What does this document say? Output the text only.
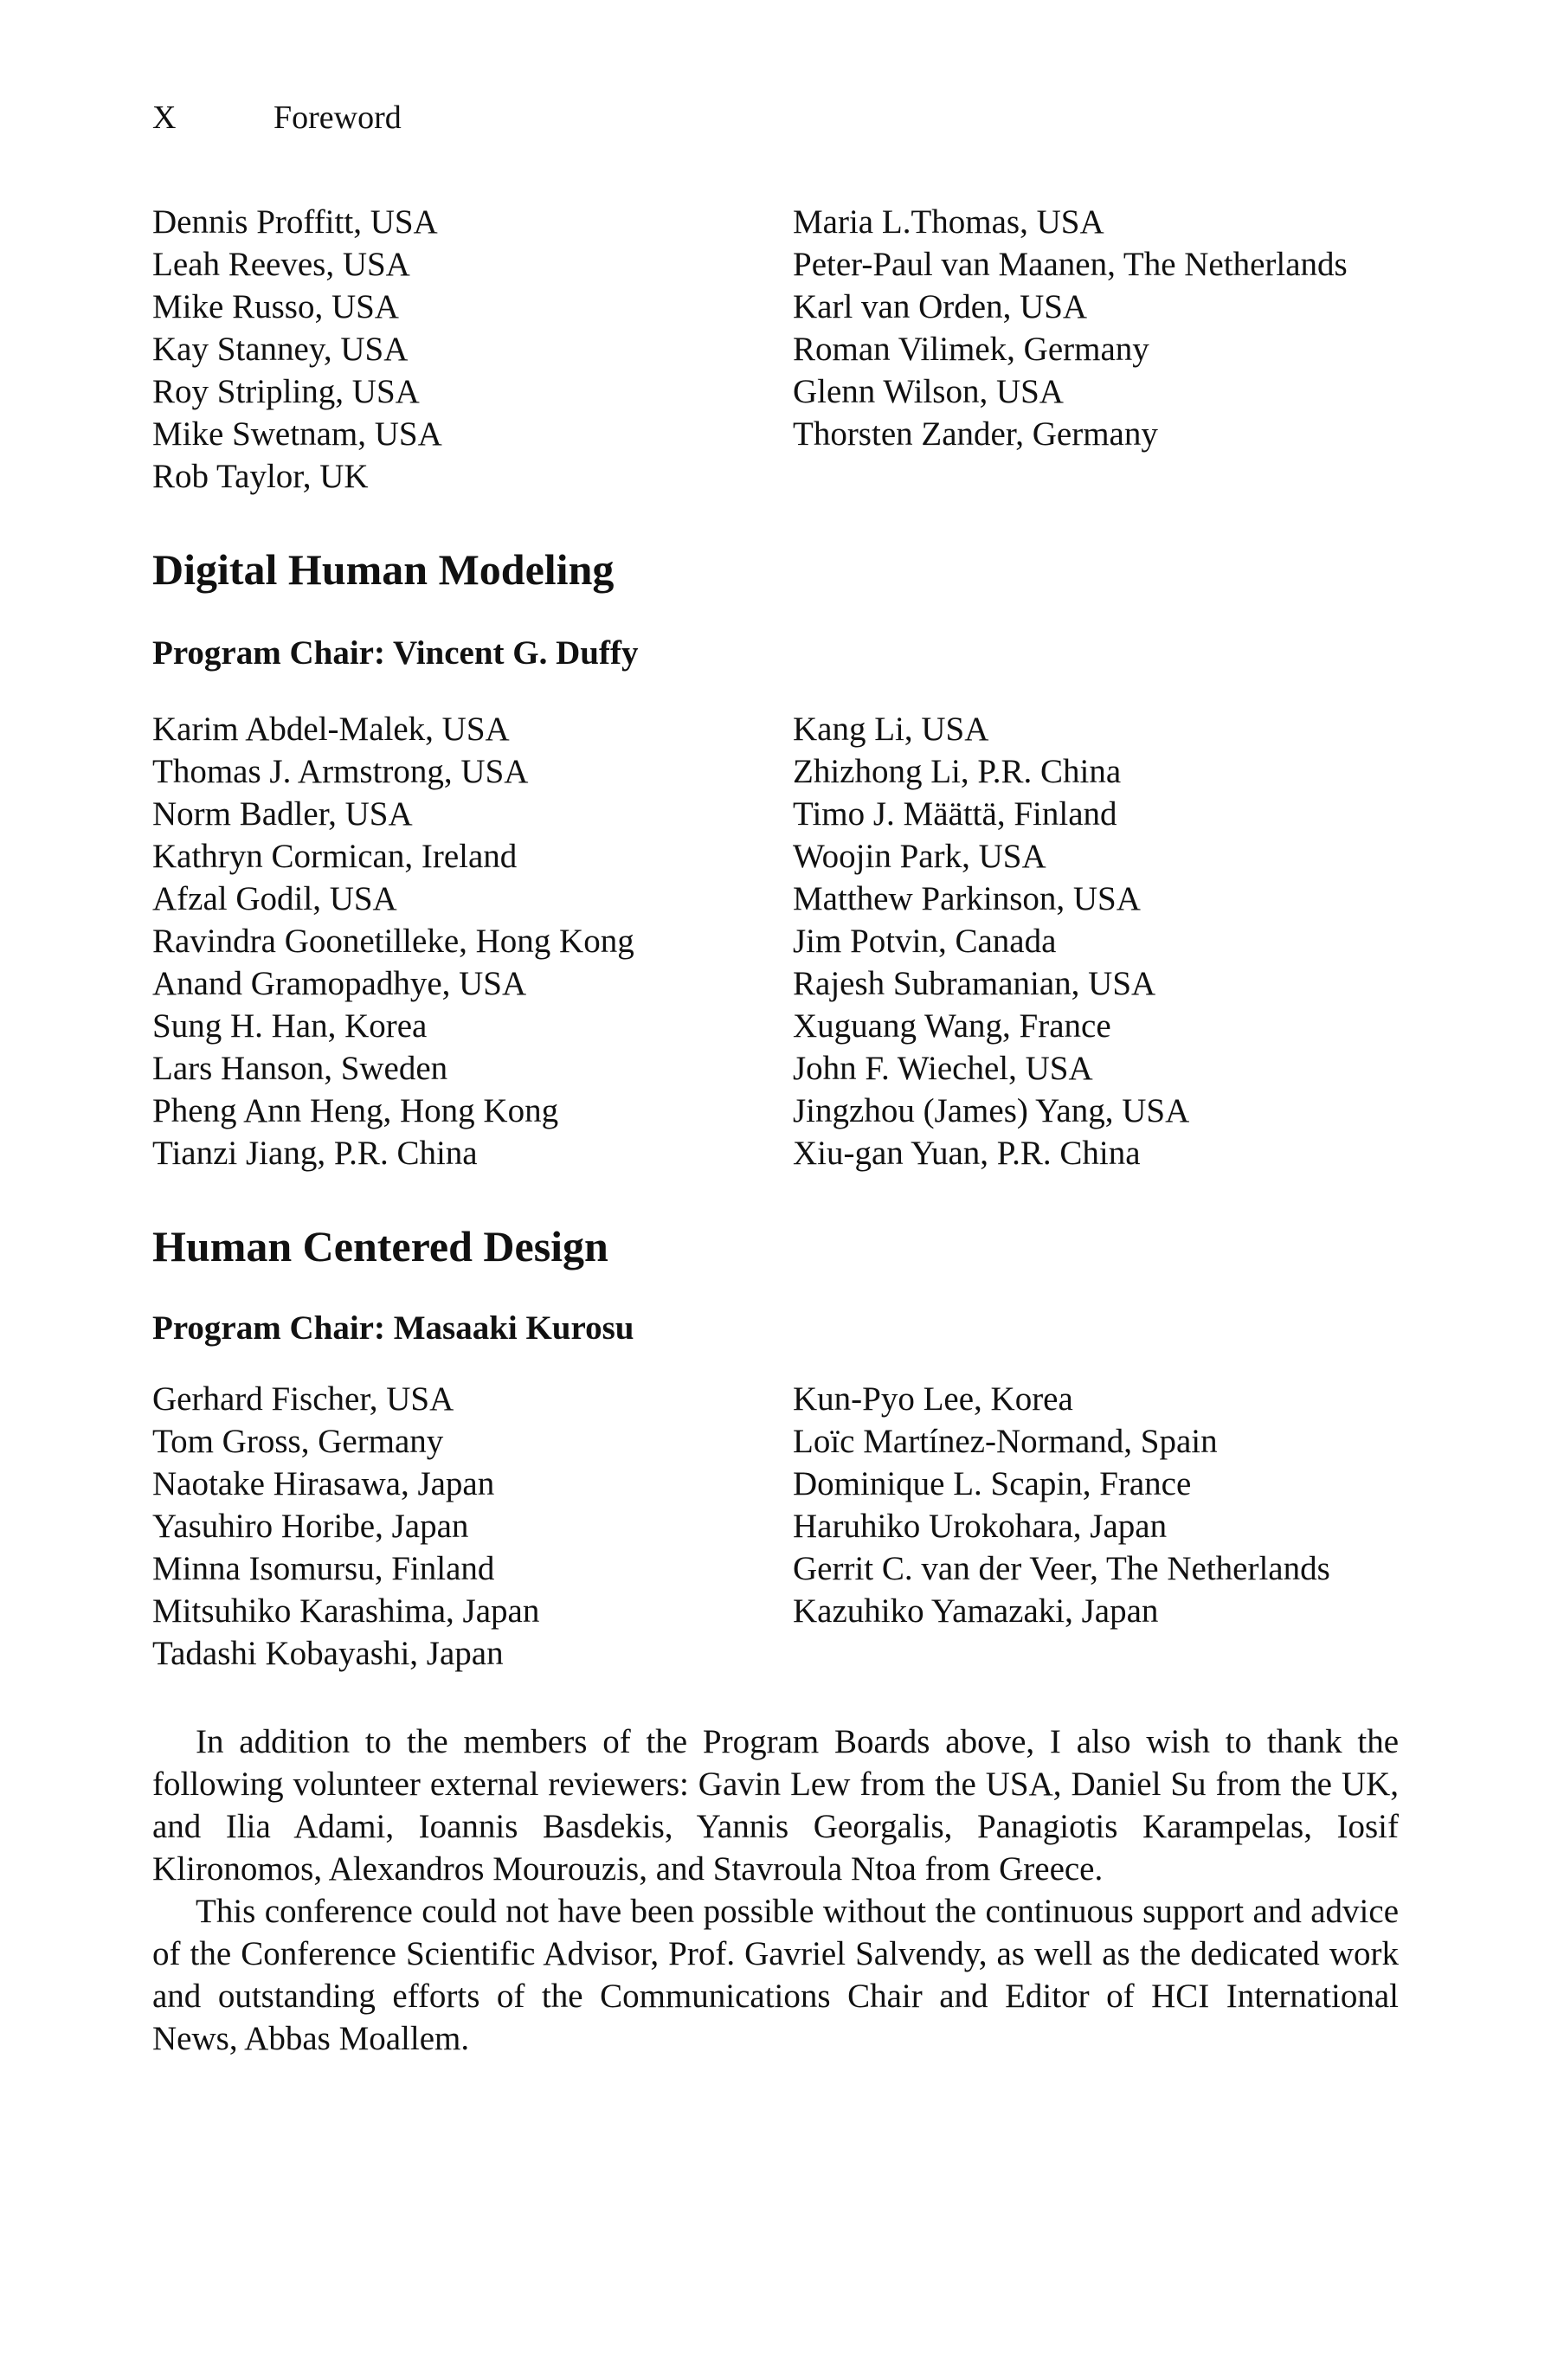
X	Foreword
Dennis Proffitt, USA
Leah Reeves, USA
Mike Russo, USA
Kay Stanney, USA
Roy Stripling, USA
Mike Swetnam, USA
Rob Taylor, UK
Maria L.Thomas, USA
Peter-Paul van Maanen, The Netherlands
Karl van Orden, USA
Roman Vilimek, Germany
Glenn Wilson, USA
Thorsten Zander, Germany
Digital Human Modeling
Program Chair: Vincent G. Duffy
Karim Abdel-Malek, USA
Thomas J. Armstrong, USA
Norm Badler, USA
Kathryn Cormican, Ireland
Afzal Godil, USA
Ravindra Goonetilleke, Hong Kong
Anand Gramopadhye, USA
Sung H. Han, Korea
Lars Hanson, Sweden
Pheng Ann Heng, Hong Kong
Tianzi Jiang, P.R. China
Kang Li, USA
Zhizhong Li, P.R. China
Timo J. Määttä, Finland
Woojin Park, USA
Matthew Parkinson, USA
Jim Potvin, Canada
Rajesh Subramanian, USA
Xuguang Wang, France
John F. Wiechel, USA
Jingzhou (James) Yang, USA
Xiu-gan Yuan, P.R. China
Human Centered Design
Program Chair: Masaaki Kurosu
Gerhard Fischer, USA
Tom Gross, Germany
Naotake Hirasawa, Japan
Yasuhiro Horibe, Japan
Minna Isomursu, Finland
Mitsuhiko Karashima, Japan
Tadashi Kobayashi, Japan
Kun-Pyo Lee, Korea
Loïc Martínez-Normand, Spain
Dominique L. Scapin, France
Haruhiko Urokohara, Japan
Gerrit C. van der Veer, The Netherlands
Kazuhiko Yamazaki, Japan

In addition to the members of the Program Boards above, I also wish to thank the following volunteer external reviewers: Gavin Lew from the USA, Daniel Su from the UK, and Ilia Adami, Ioannis Basdekis, Yannis Georgalis, Panagiotis Karampelas, Iosif Klironomos, Alexandros Mourouzis, and Stavroula Ntoa from Greece.

This conference could not have been possible without the continuous support and advice of the Conference Scientific Advisor, Prof. Gavriel Salvendy, as well as the dedicated work and outstanding efforts of the Communications Chair and Editor of HCI International News, Abbas Moallem.
